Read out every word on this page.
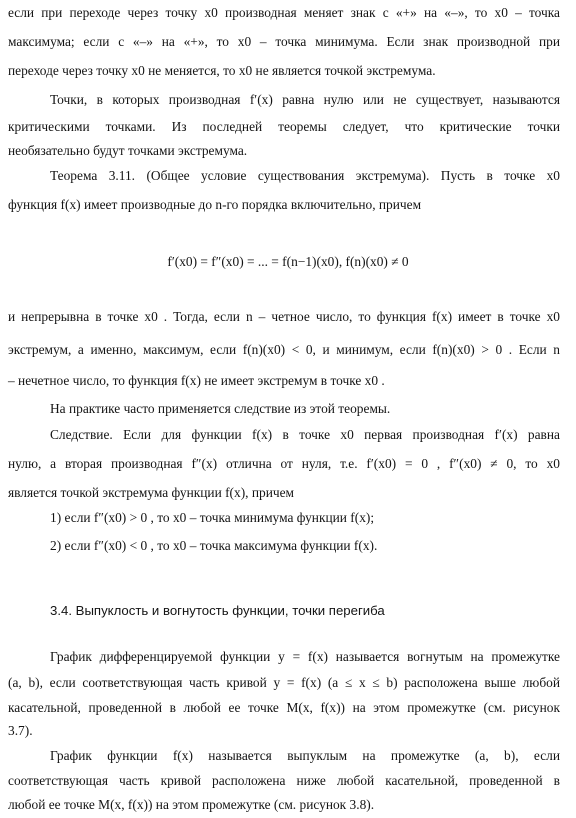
если при переходе через точку x0 производная меняет знак с «+» на «–», то x0 – точка
максимума; если с «–» на «+», то x0 – точка минимума. Если знак производной при
переходе через точку x0 не меняется, то x0 не является точкой экстремума.
Точки, в которых производная f′(x) равна нулю или не существует, называются
критическими точками. Из последней теоремы следует, что критические точки
необязательно будут точками экстремума.
Теорема 3.11. (Общее условие существования экстремума). Пусть в точке x0
функция f(x) имеет производные до n-го порядка включительно, причем
f′(x0) = f″(x0) = ... = f(n−1)(x0), f(n)(x0) ≠ 0
и непрерывна в точке x0 . Тогда, если n – четное число, то функция f(x) имеет в точке x0
экстремум, а именно, максимум, если f(n)(x0) < 0, и минимум, если f(n)(x0) > 0 . Если n
– нечетное число, то функция f(x) не имеет экстремум в точке x0 .
На практике часто применяется следствие из этой теоремы.
Следствие. Если для функции f(x) в точке x0 первая производная f′(x) равна
нулю, а вторая производная f″(x) отлична от нуля, т.е. f′(x0) = 0 , f″(x0) ≠ 0, то x0
является точкой экстремума функции f(x), причем
1) если f″(x0) > 0 , то x0 – точка минимума функции f(x);
2) если f″(x0) < 0 , то x0 – точка максимума функции f(x).
3.4. Выпуклость и вогнутость функции, точки перегиба
График дифференцируемой функции y = f(x) называется вогнутым на промежутке
(a, b), если соответствующая часть кривой y = f(x) (a ≤ x ≤ b) расположена выше любой
касательной, проведенной в любой ее точке M(x, f(x)) на этом промежутке (см. рисунок
3.7).
График функции f(x) называется выпуклым на промежутке (a, b), если
соответствующая часть кривой расположена ниже любой касательной, проведенной в
любой ее точке M(x, f(x)) на этом промежутке (см. рисунок 3.8).
